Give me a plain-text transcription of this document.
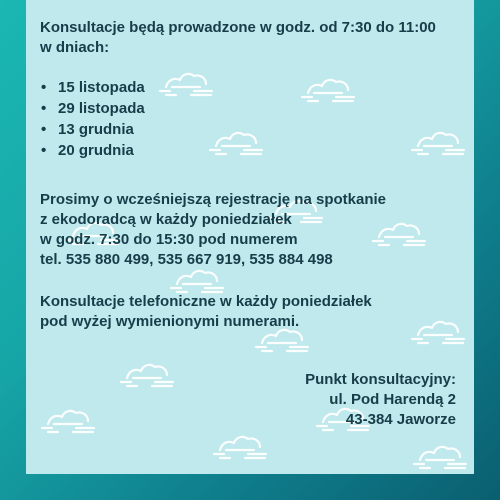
Konsultacje będą prowadzone w godz. od 7:30 do 11:00

w dniach:

• 15 listopada
• 29 listopada
• 13 grudnia
• 20 grudnia

Prosimy o wcześniejszą rejestrację na spotkanie

z ekodoradcą w każdy poniedziałek

w godz. 7:30 do 15:30 pod numerem

tel. 535 880 499, 535 667 919, 535 884 498

Konsultacje telefoniczne w każdy poniedziałek

pod wyżej wymienionymi numerami.

Punkt konsultacyjny:
ul. Pod Harendą 2
43-384 Jaworze
